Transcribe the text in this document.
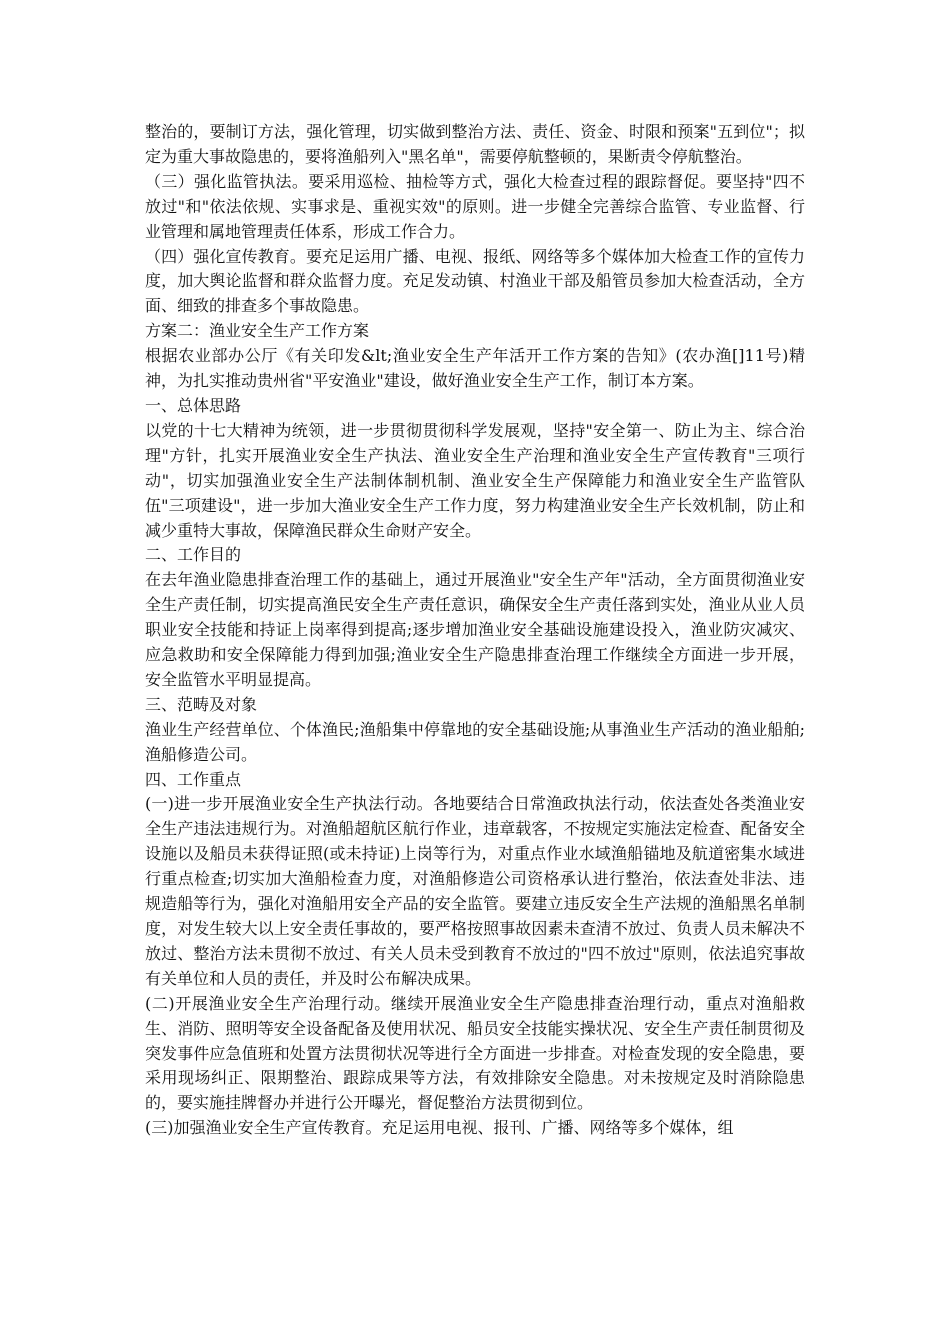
整治的，要制订方法，强化管理，切实做到整治方法、责任、资金、时限和预案"五到位"；拟定为重大事故隐患的，要将渔船列入"黑名单"，需要停航整顿的，果断责令停航整治。

（三）强化监管执法。要采用巡检、抽检等方式，强化大检查过程的跟踪督促。要坚持"四不放过"和"依法依规、实事求是、重视实效"的原则。进一步健全完善综合监管、专业监督、行业管理和属地管理责任体系，形成工作合力。

（四）强化宣传教育。要充足运用广播、电视、报纸、网络等多个媒体加大检查工作的宣传力度，加大舆论监督和群众监督力度。充足发动镇、村渔业干部及船管员参加大检查活动，全方面、细致的排查多个事故隐患。

方案二：渔业安全生产工作方案

根据农业部办公厅《有关印发&lt;渔业安全生产年活开工作方案的告知》(农办渔[]11号)精神，为扎实推动贵州省"平安渔业"建设，做好渔业安全生产工作，制订本方案。

一、总体思路

以党的十七大精神为统领，进一步贯彻贯彻科学发展观，坚持"安全第一、防止为主、综合治理"方针，扎实开展渔业安全生产执法、渔业安全生产治理和渔业安全生产宣传教育"三项行动"，切实加强渔业安全生产法制体制机制、渔业安全生产保障能力和渔业安全生产监管队伍"三项建设"，进一步加大渔业安全生产工作力度，努力构建渔业安全生产长效机制，防止和减少重特大事故，保障渔民群众生命财产安全。

二、工作目的

在去年渔业隐患排查治理工作的基础上，通过开展渔业"安全生产年"活动，全方面贯彻渔业安全生产责任制，切实提高渔民安全生产责任意识，确保安全生产责任落到实处，渔业从业人员职业安全技能和持证上岗率得到提高;逐步增加渔业安全基础设施建设投入，渔业防灾减灾、应急救助和安全保障能力得到加强;渔业安全生产隐患排查治理工作继续全方面进一步开展，安全监管水平明显提高。

三、范畴及对象

渔业生产经营单位、个体渔民;渔船集中停靠地的安全基础设施;从事渔业生产活动的渔业船舶;渔船修造公司。

四、工作重点

(一)进一步开展渔业安全生产执法行动。各地要结合日常渔政执法行动，依法查处各类渔业安全生产违法违规行为。对渔船超航区航行作业，违章载客，不按规定实施法定检查、配备安全设施以及船员未获得证照(或未持证)上岗等行为，对重点作业水域渔船锚地及航道密集水域进行重点检查;切实加大渔船检查力度，对渔船修造公司资格承认进行整治，依法查处非法、违规造船等行为，强化对渔船用安全产品的安全监管。要建立违反安全生产法规的渔船黑名单制度，对发生较大以上安全责任事故的，要严格按照事故因素未查清不放过、负责人员未解决不放过、整治方法未贯彻不放过、有关人员未受到教育不放过的"四不放过"原则，依法追究事故有关单位和人员的责任，并及时公布解决成果。

(二)开展渔业安全生产治理行动。继续开展渔业安全生产隐患排查治理行动，重点对渔船救生、消防、照明等安全设备配备及使用状况、船员安全技能实操状况、安全生产责任制贯彻及突发事件应急值班和处置方法贯彻状况等进行全方面进一步排查。对检查发现的安全隐患，要采用现场纠正、限期整治、跟踪成果等方法，有效排除安全隐患。对未按规定及时消除隐患的，要实施挂牌督办并进行公开曝光，督促整治方法贯彻到位。

(三)加强渔业安全生产宣传教育。充足运用电视、报刊、广播、网络等多个媒体，组
